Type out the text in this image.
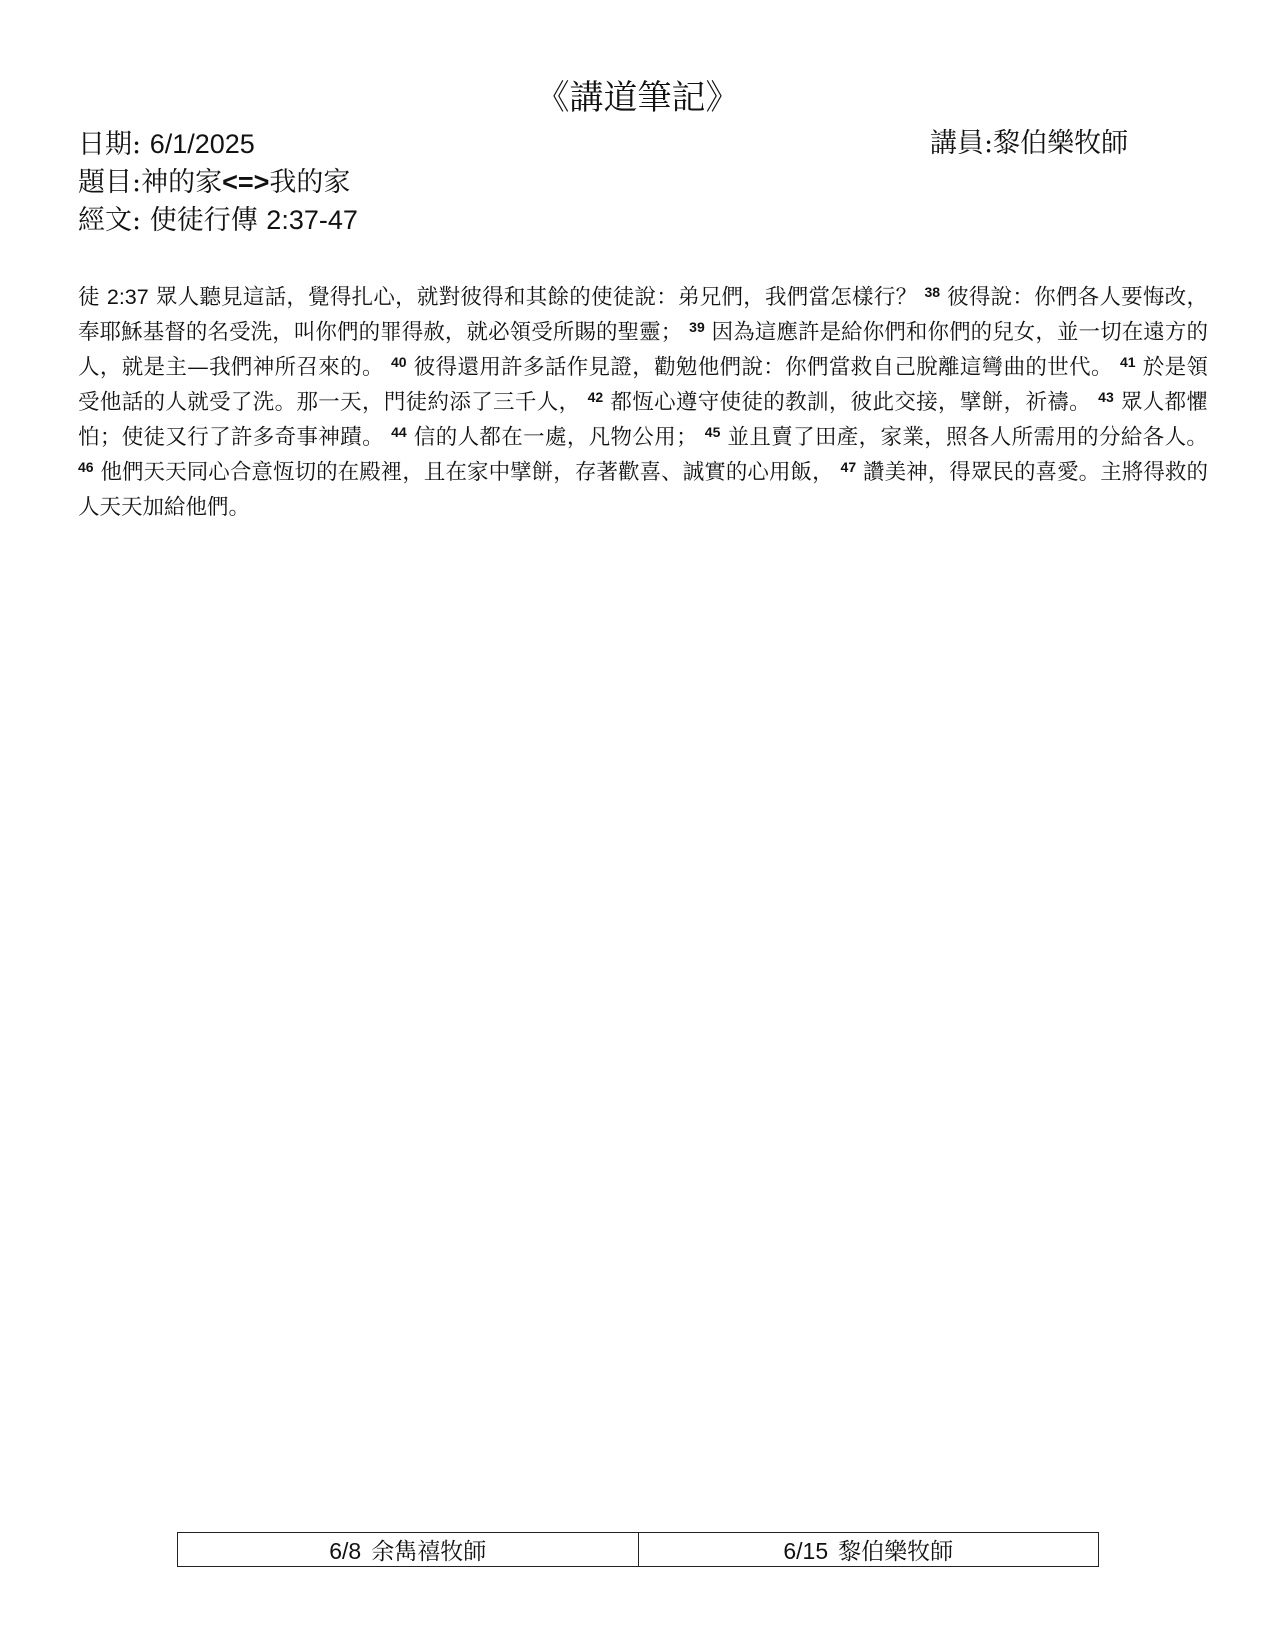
《講道筆記》
日期: 6/1/2025	講員:黎伯樂牧師
題目:神的家<=>我的家
經文: 使徒行傳 2:37-47
徒 2:37 眾人聽見這話，覺得扎心，就對彼得和其餘的使徒說：弟兄們，我們當怎樣行？ $^{38}$ 彼得說：你們各人要悔改，奉耶穌基督的名受洗，叫你們的罪得赦，就必領受所賜的聖靈； $^{39}$ 因為這應許是給你們和你們的兒女，並一切在遠方的人，就是主—我們神所召來的。 $^{40}$ 彼得還用許多話作見證，勸勉他們說：你們當救自己脫離這彎曲的世代。 $^{41}$ 於是領受他話的人就受了洗。那一天，門徒約添了三千人， $^{42}$ 都恆心遵守使徒的教訓，彼此交接，擘餅，祈禱。 $^{43}$ 眾人都懼怕；使徒又行了許多奇事神蹟。 $^{44}$ 信的人都在一處，凡物公用； $^{45}$ 並且賣了田產，家業，照各人所需用的分給各人。 $^{46}$ 他們天天同心合意恆切的在殿裡，且在家中擘餅，存著歡喜、誠實的心用飯， $^{47}$ 讚美神，得眾民的喜愛。主將得救的人天天加給他們。
6/8 余雋禧牧師	6/15 黎伯樂牧師
